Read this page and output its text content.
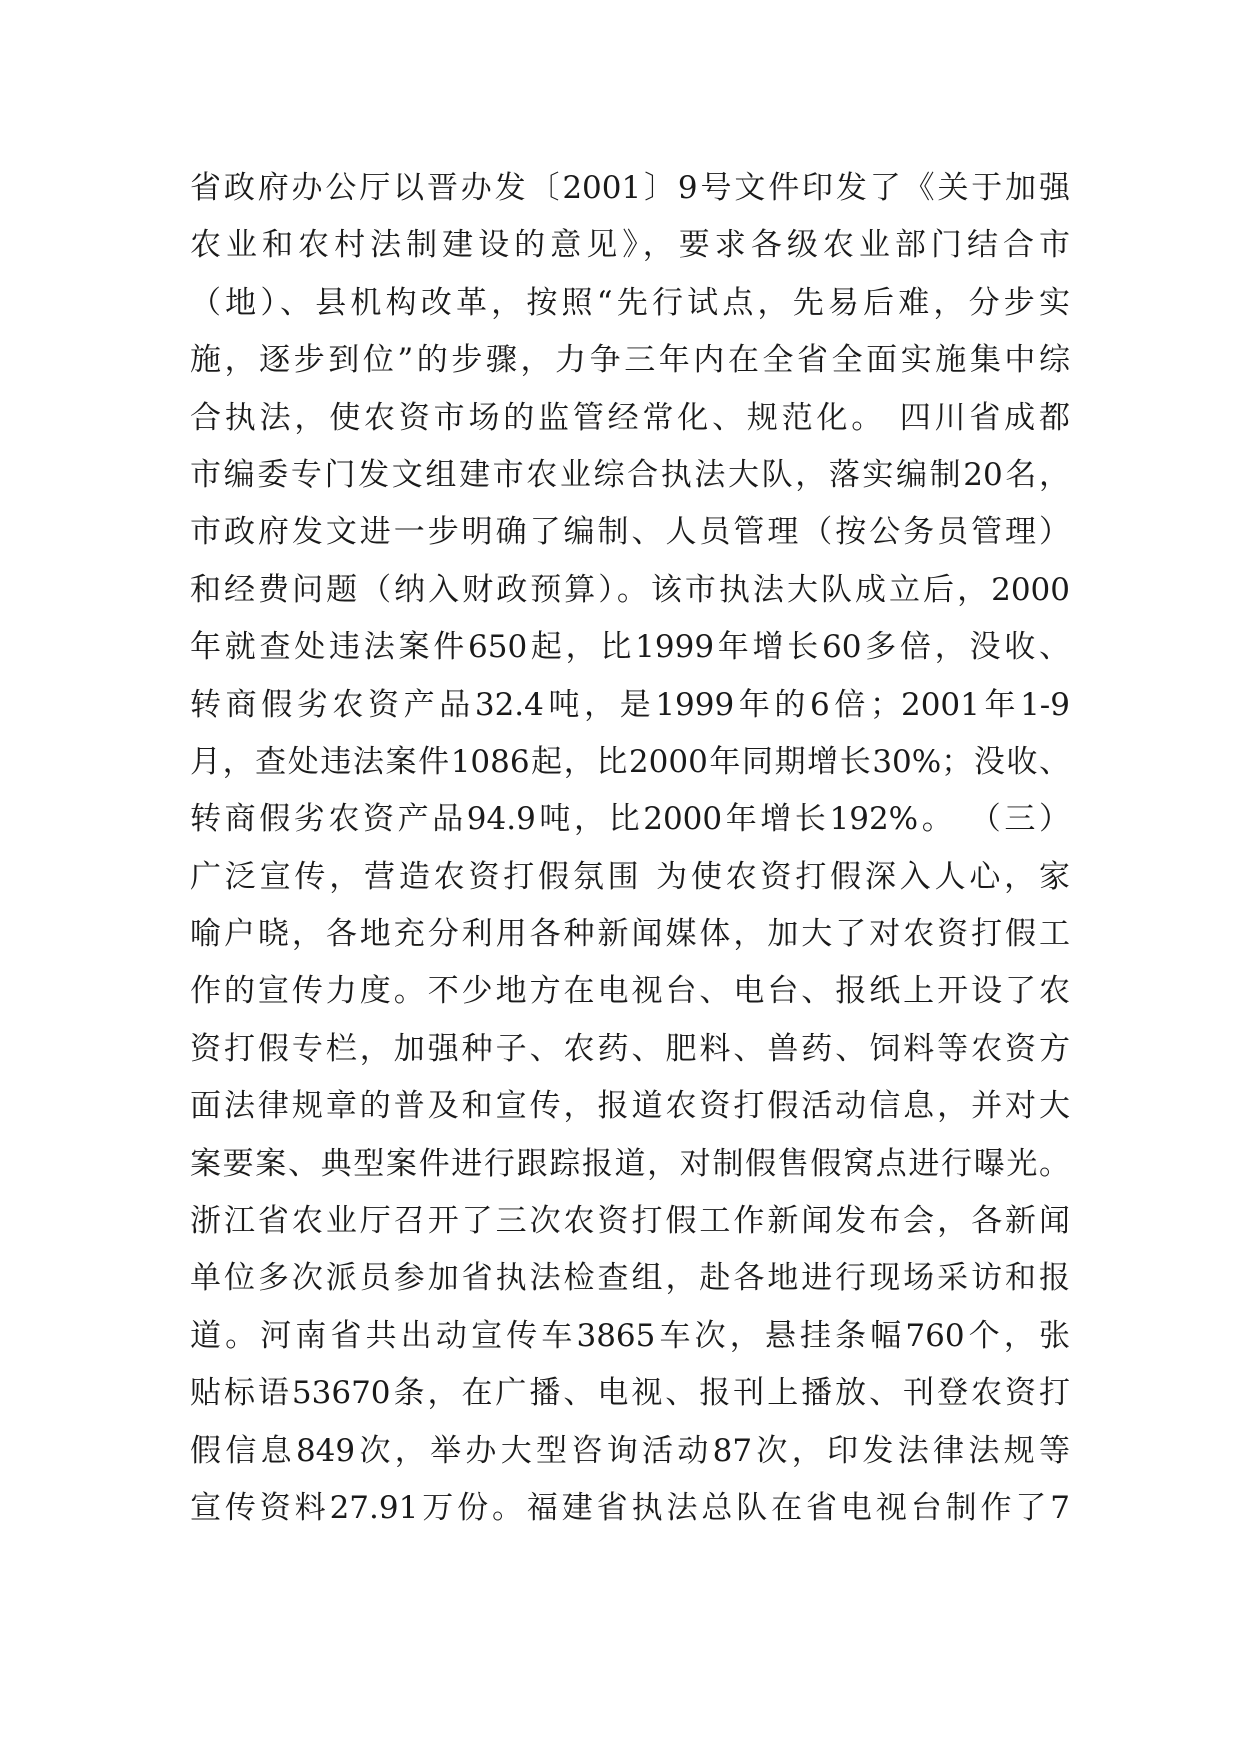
省政府办公厅以晋办发〔2001〕9号文件印发了《关于加强
农业和农村法制建设的意见》，要求各级农业部门结合市
（地）、县机构改革，按照“先行试点，先易后难，分步实
施，逐步到位”的步骤，力争三年内在全省全面实施集中综
合执法，使农资市场的监管经常化、规范化。 四川省成都
市编委专门发文组建市农业综合执法大队，落实编制20名，
市政府发文进一步明确了编制、人员管理（按公务员管理）
和经费问题（纳入财政预算）。该市执法大队成立后，2000
年就查处违法案件650起，比1999年增长60多倍，没收、
转商假劣农资产品32.4吨，是1999年的6倍；2001年1-9
月，查处违法案件1086起，比2000年同期增长30%；没收、
转商假劣农资产品94.9吨，比2000年增长192%。 （三）
广泛宣传，营造农资打假氛围 为使农资打假深入人心，家
喻户晓，各地充分利用各种新闻媒体，加大了对农资打假工
作的宣传力度。不少地方在电视台、电台、报纸上开设了农
资打假专栏，加强种子、农药、肥料、兽药、饲料等农资方
面法律规章的普及和宣传，报道农资打假活动信息，并对大
案要案、典型案件进行跟踪报道，对制假售假窝点进行曝光。
浙江省农业厅召开了三次农资打假工作新闻发布会，各新闻
单位多次派员参加省执法检查组，赴各地进行现场采访和报
道。河南省共出动宣传车3865车次，悬挂条幅760个，张
贴标语53670条，在广播、电视、报刊上播放、刊登农资打
假信息849次，举办大型咨询活动87次，印发法律法规等
宣传资料27.91万份。福建省执法总队在省电视台制作了7
